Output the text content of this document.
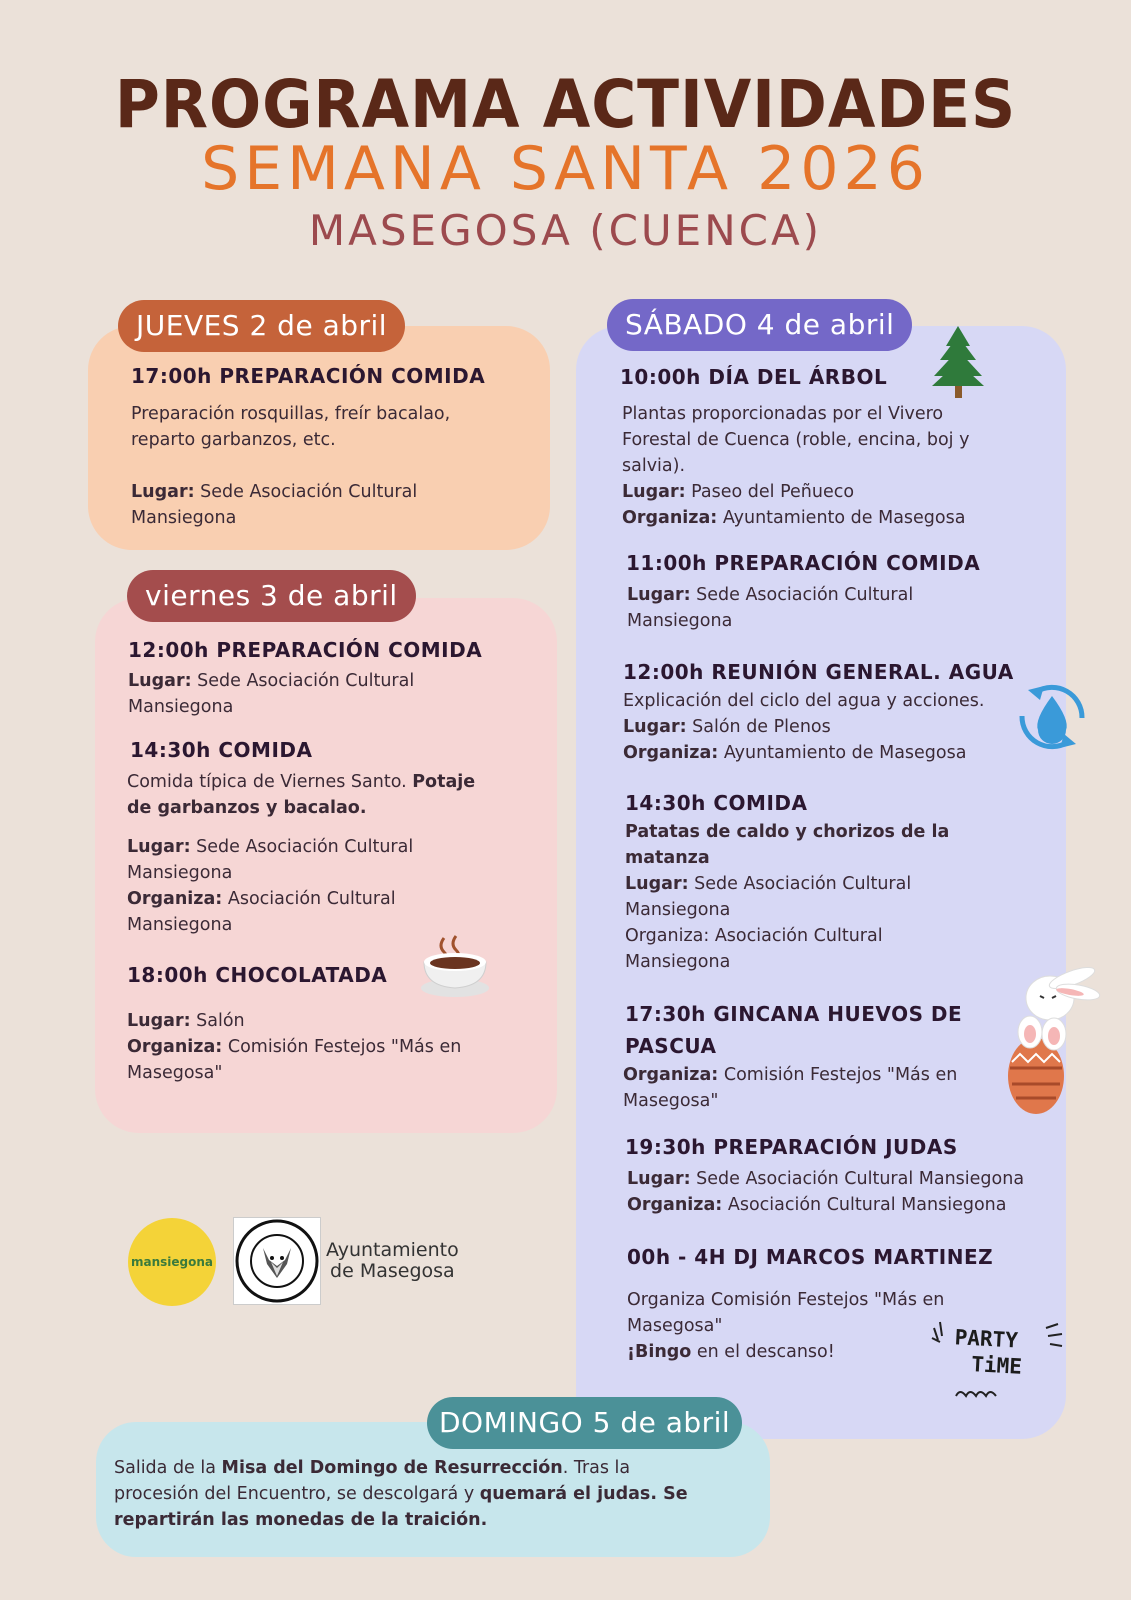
PROGRAMA ACTIVIDADES
SEMANA SANTA 2026
MASEGOSA (CUENCA)
JUEVES 2 de abril
17:00h PREPARACIÓN COMIDA
Preparación rosquillas, freír bacalao,
reparto garbanzos, etc.
Lugar: Sede Asociación Cultural
Mansiegona
viernes 3 de abril
12:00h PREPARACIÓN COMIDA
Lugar: Sede Asociación Cultural
Mansiegona
14:30h COMIDA
Comida típica de Viernes Santo. Potaje
de garbanzos y bacalao.
Lugar: Sede Asociación Cultural
Mansiegona
Organiza: Asociación Cultural
Mansiegona
18:00h CHOCOLATADA
Lugar: Salón
Organiza: Comisión Festejos "Más en
Masegosa"
SÁBADO 4 de abril
10:00h DÍA DEL ÁRBOL
Plantas proporcionadas por el Vivero
Forestal de Cuenca (roble, encina, boj y
salvia).
Lugar: Paseo del Peñueco
Organiza: Ayuntamiento de Masegosa
11:00h PREPARACIÓN COMIDA
Lugar: Sede Asociación Cultural
Mansiegona
12:00h REUNIÓN GENERAL. AGUA
Explicación del ciclo del agua y acciones.
Lugar: Salón de Plenos
Organiza: Ayuntamiento de Masegosa
14:30h COMIDA
Patatas de caldo y chorizos de la
matanza
Lugar: Sede Asociación Cultural
Mansiegona
Organiza: Asociación Cultural
Mansiegona
17:30h GINCANA HUEVOS DE
PASCUA
Organiza: Comisión Festejos "Más en
Masegosa"
19:30h PREPARACIÓN JUDAS
Lugar: Sede Asociación Cultural Mansiegona
Organiza: Asociación Cultural Mansiegona
00h - 4H DJ MARCOS MARTINEZ
Organiza Comisión Festejos "Más en
Masegosa"
¡Bingo en el descanso!	PARTY
TiME
mansiegona
Ayuntamiento
de Masegosa
DOMINGO 5 de abril
Salida de la Misa del Domingo de Resurrección. Tras la
procesión del Encuentro, se descolgará y quemará el judas. Se
repartirán las monedas de la traición.
